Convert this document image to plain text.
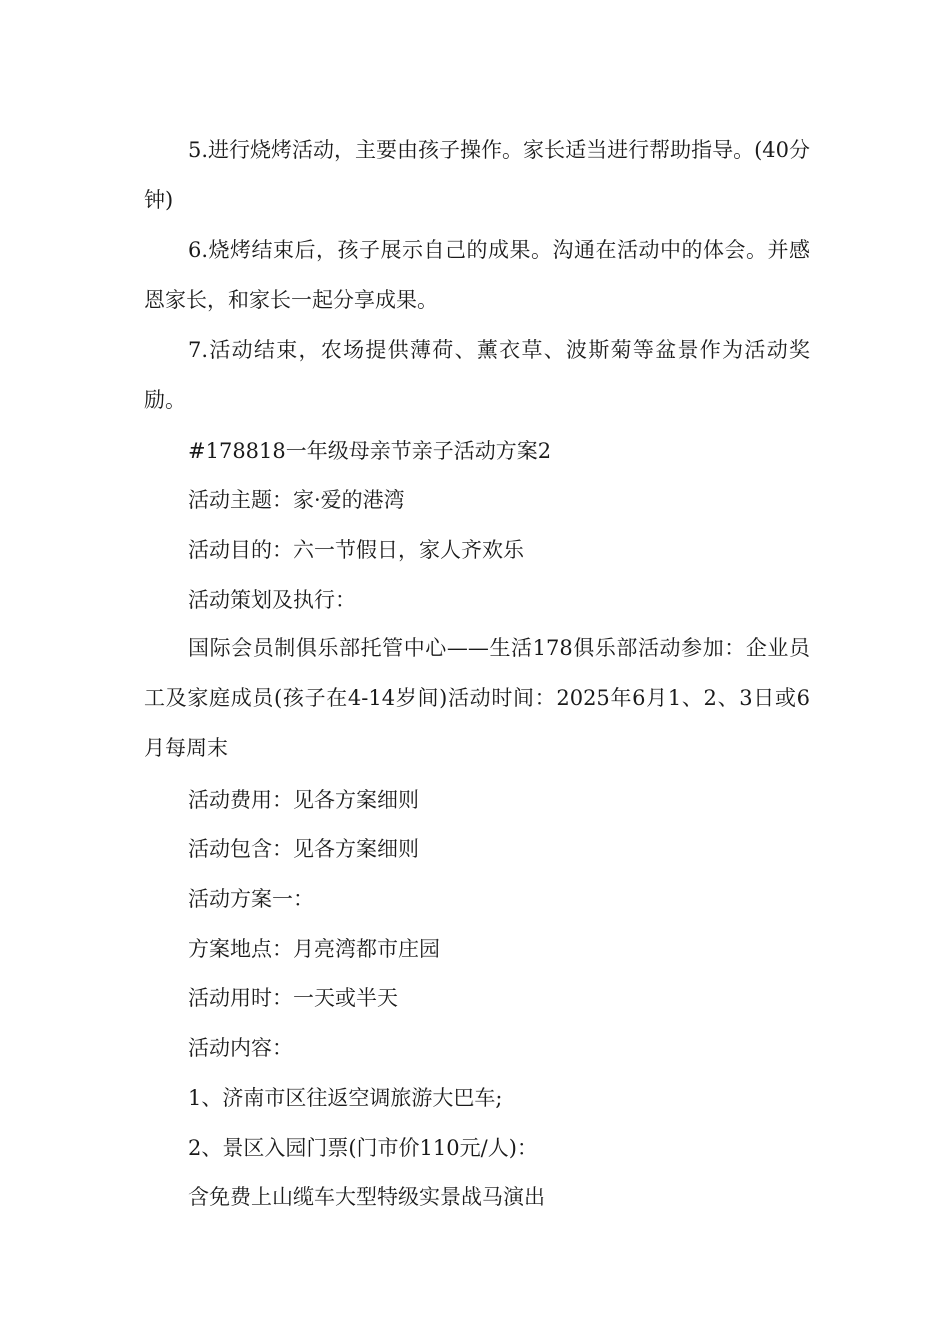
5.进行烧烤活动，主要由孩子操作。家长适当进行帮助指导。(40分钟)

6.烧烤结束后，孩子展示自己的成果。沟通在活动中的体会。并感恩家长，和家长一起分享成果。

7.活动结束，农场提供薄荷、薰衣草、波斯菊等盆景作为活动奖励。

#178818一年级母亲节亲子活动方案2

活动主题：家·爱的港湾

活动目的：六一节假日，家人齐欢乐

活动策划及执行：

国际会员制俱乐部托管中心——生活178俱乐部活动参加：企业员工及家庭成员(孩子在4-14岁间)活动时间：2025年6月1、2、3日或6月每周末

活动费用：见各方案细则

活动包含：见各方案细则

活动方案一：

方案地点：月亮湾都市庄园

活动用时：一天或半天

活动内容：

1、济南市区往返空调旅游大巴车;

2、景区入园门票(门市价110元/人)：

含免费上山缆车大型特级实景战马演出
